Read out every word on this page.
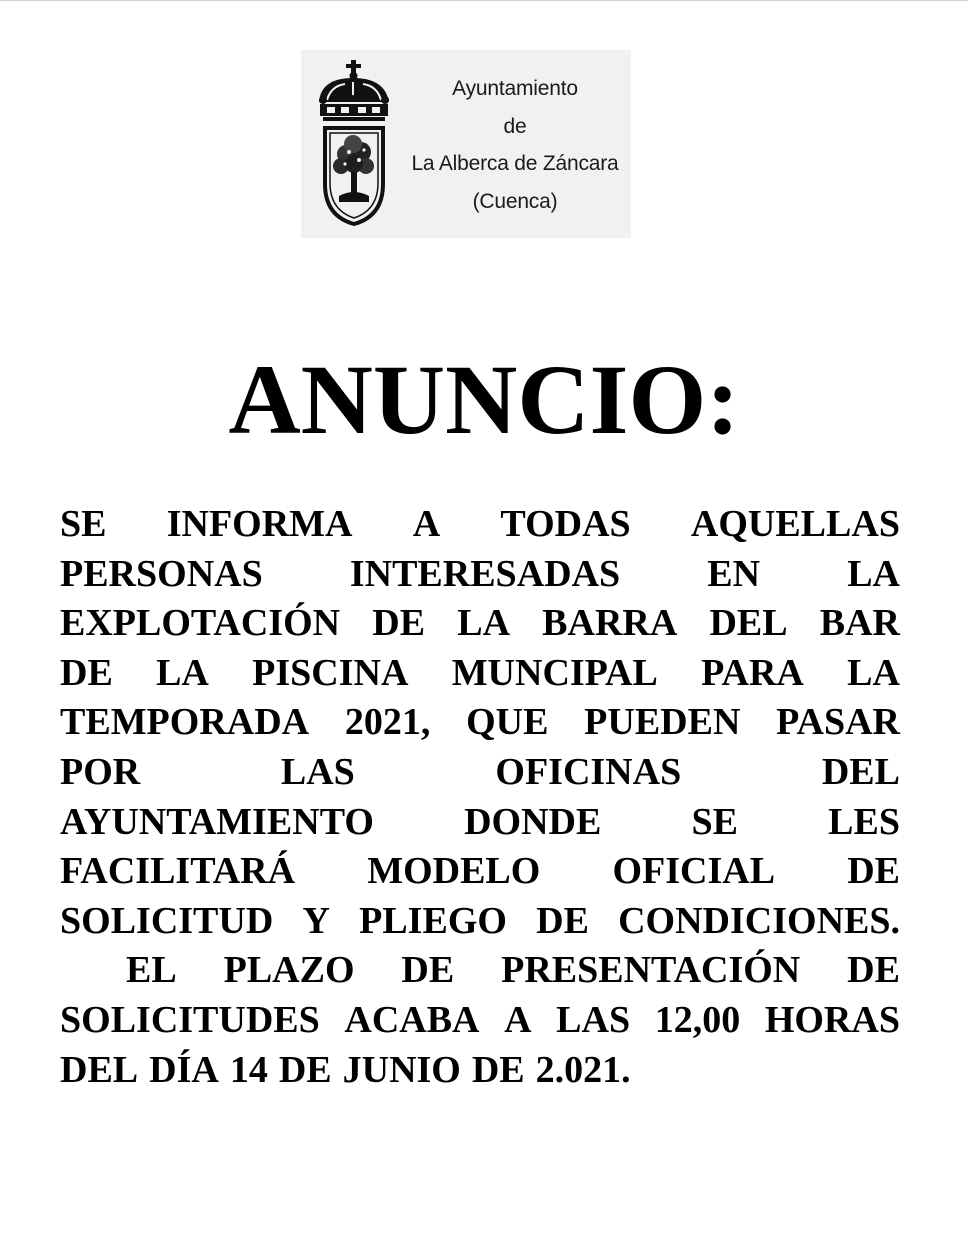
Ayuntamiento
de
La Alberca de Záncara
(Cuenca)
ANUNCIO:
SE INFORMA A TODAS AQUELLAS
PERSONAS INTERESADAS EN LA
EXPLOTACIÓN DE LA BARRA DEL BAR
DE LA PISCINA MUNCIPAL PARA LA
TEMPORADA 2021, QUE PUEDEN PASAR
POR	LAS	OFICINAS	DEL
AYUNTAMIENTO DONDE SE LES
FACILITARÁ MODELO OFICIAL DE
SOLICITUD Y PLIEGO DE CONDICIONES.
EL PLAZO DE PRESENTACIÓN DE
SOLICITUDES ACABA A LAS 12,00 HORAS
DEL DÍA 14 DE JUNIO DE 2.021.
